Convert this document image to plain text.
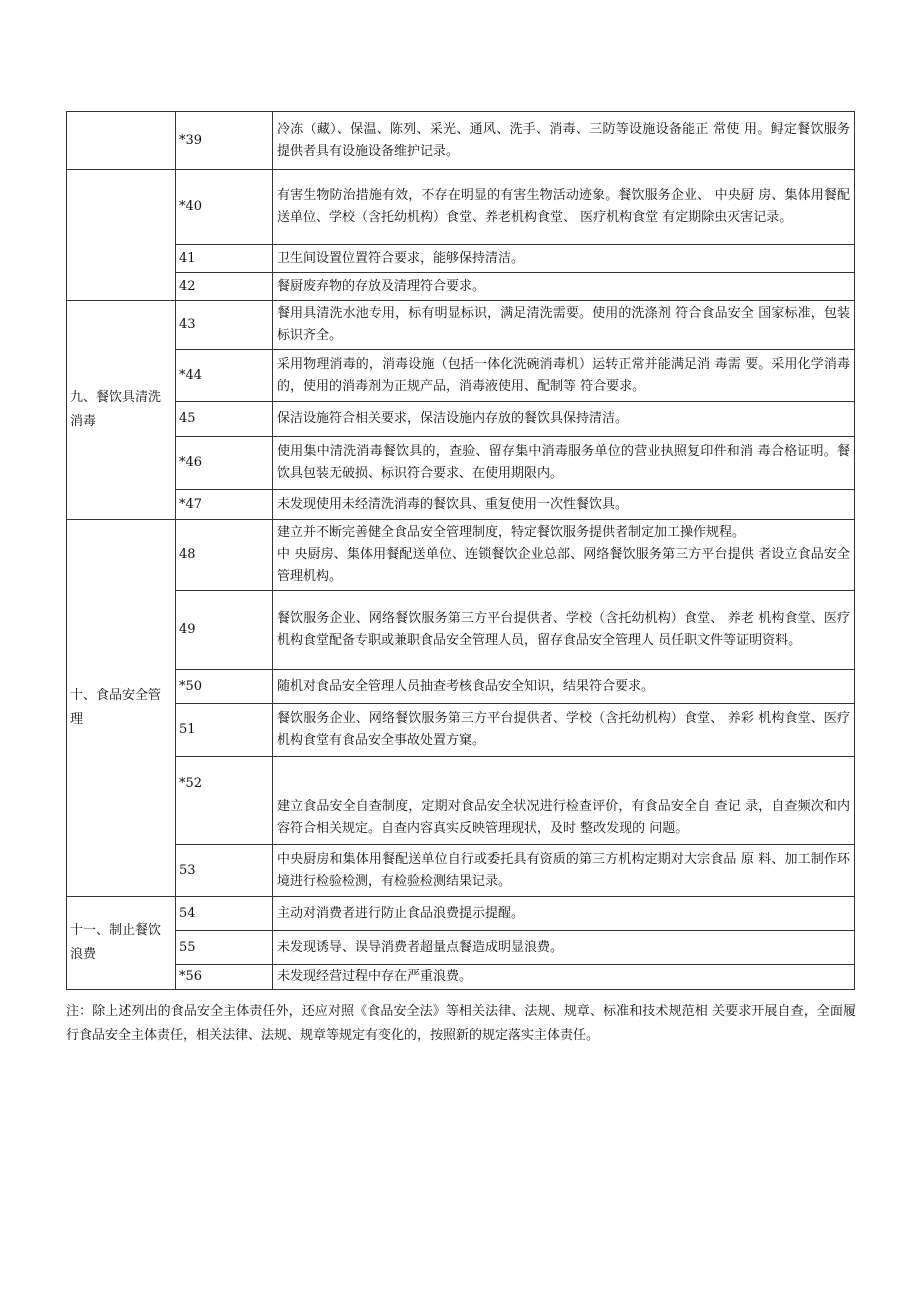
	*39	冷冻（藏）、保温、陈列、采光、通风、洗手、消毒、三防等设施设备能正 常使 用。鲟定餐饮服务提供者具有设施设备维护记录。
	*40	有害生物防治措施有效，不存在明显的有害生物活动迹象。餐饮服务企业、 中央厨 房、集体用餐配送单位、学校（含托幼机构）食堂、养老机构食堂、 医疗机构食堂 有定期除虫灭害记录。
	41	卫生间设置位置符合要求，能够保持清洁。
	42	餐厨废弃物的存放及清理符合要求。
九、餐饮具清洗消毒	43	餐用具清洗水池专用，标有明显标识，满足清洗需要。使用的洗涤剂 符合食品安全 国家标准，包装标识齐全。
	*44	采用物理消毒的，消毒设施（包括一体化洗碗消毒机）运转正常并能满足消 毒需 要。采用化学消毒的，使用的消毒剂为正规产品，消毒液使用、配制等 符合要求。
	45	保洁设施符合相关要求，保洁设施内存放的餐饮具保持清洁。
	*46	使用集中清洗消毒餐饮具的，查验、留存集中消毒服务单位的营业执照复印件和消 毒合格证明。餐饮具包装无破损、标识符合要求、在使用期限内。
	*47	未发现使用未经清洗消毒的餐饮具、重复使用一次性餐饮具。
十、食品安全管理	48	建立并不断完善健全食品安全管理制度，特定餐饮服务提供者制定加工操作规程。
中 央厨房、集体用餐配送单位、连锁餐饮企业总部、网络餐饮服务第三方平台提供 者设立食品安全管理机构。
	49	餐饮服务企业、网络餐饮服务第三方平台提供者、学校（含托幼机构）食堂、 养老 机构食堂、医疗机构食堂配备专职或兼职食品安全管理人员，留存食品安全管理人 员任职文件等证明资料。
	*50	随机对食品安全管理人员抽查考核食品安全知识，结果符合要求。
	51	餐饮服务企业、网络餐饮服务第三方平台提供者、学校（含托幼机构）食堂、 养彩 机构食堂、医疗机构食堂有食品安全事故处置方窠。
	*52	建立食品安全自查制度，定期对食品安全状况进行检查评价，有食品安全自 查记 录，自查频次和内容符合相关规定。自查内容真实反映管理现状，及时 整改发现的 问题。
	53	中央厨房和集体用餐配送单位自行或委托具有资质的第三方机构定期对大宗食品 原 料、加工制作环境进行检验检测，有检验检测结果记录。
十一、制止餐饮浪费	54	主动对消费者进行防止食品浪费提示提醒。
	55	未发现诱导、误导消费者超量点餐造成明显浪费。
	*56	未发现经营过程中存在严重浪费。
注：除上述列出的食品安全主体责任外，还应对照《食品安全法》等相关法律、法规、规章、标准和技术规范相 关要求开展自查，全面履行食品安全主体责任，相关法律、法规、规章等规定有变化的，按照新的规定落实主体责任。
